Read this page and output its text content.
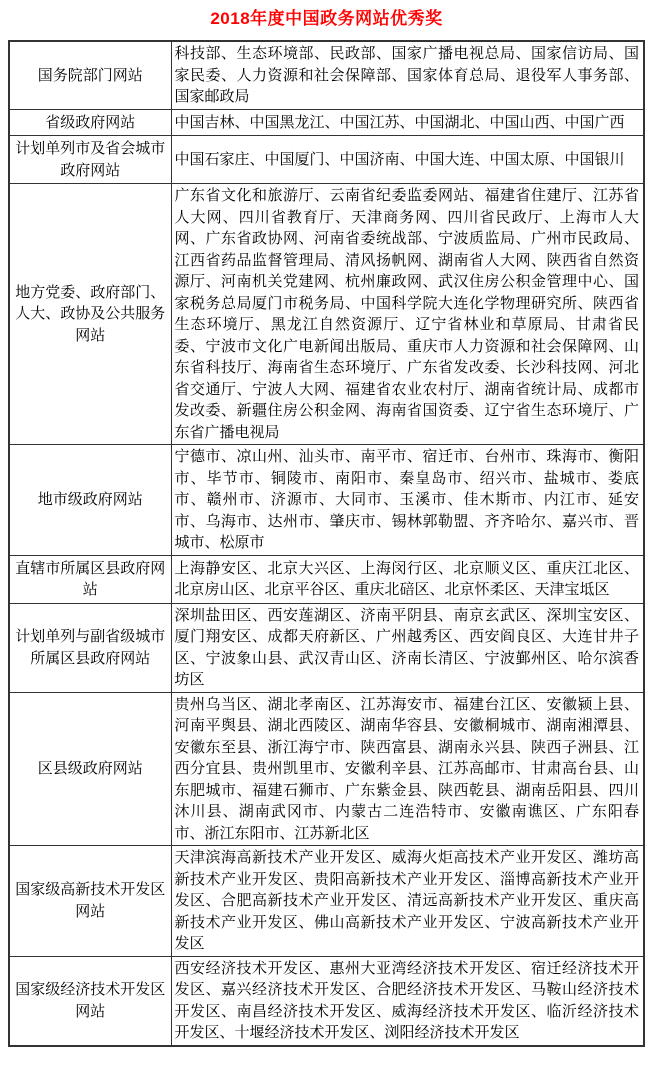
2018年度中国政务网站优秀奖
国务院部门网站	科技部、生态环境部、民政部、国家广播电视总局、国家信访局、国家民委、人力资源和社会保障部、国家体育总局、退役军人事务部、国家邮政局
省级政府网站	中国吉林、中国黑龙江、中国江苏、中国湖北、中国山西、中国广西
计划单列市及省会城市政府网站	中国石家庄、中国厦门、中国济南、中国大连、中国太原、中国银川
地方党委、政府部门、人大、政协及公共服务网站	广东省文化和旅游厅、云南省纪委监委网站、福建省住建厅、江苏省人大网、四川省教育厅、天津商务网、四川省民政厅、上海市人大网、广东省政协网、河南省委统战部、宁波质监局、广州市民政局、江西省药品监督管理局、清风扬帆网、湖南省人大网、陕西省自然资源厅、河南机关党建网、杭州廉政网、武汉住房公积金管理中心、国家税务总局厦门市税务局、中国科学院大连化学物理研究所、陕西省生态环境厅、黑龙江自然资源厅、辽宁省林业和草原局、甘肃省民委、宁波市文化广电新闻出版局、重庆市人力资源和社会保障网、山东省科技厅、海南省生态环境厅、广东省发改委、长沙科技网、河北省交通厅、宁波人大网、福建省农业农村厅、湖南省统计局、成都市发改委、新疆住房公积金网、海南省国资委、辽宁省生态环境厅、广东省广播电视局
地市级政府网站	宁德市、凉山州、汕头市、南平市、宿迁市、台州市、珠海市、衡阳市、毕节市、铜陵市、南阳市、秦皇岛市、绍兴市、盐城市、娄底市、赣州市、济源市、大同市、玉溪市、佳木斯市、内江市、延安市、乌海市、达州市、肇庆市、锡林郭勒盟、齐齐哈尔、嘉兴市、晋城市、松原市
直辖市所属区县政府网站	上海静安区、北京大兴区、上海闵行区、北京顺义区、重庆江北区、北京房山区、北京平谷区、重庆北碚区、北京怀柔区、天津宝坻区
计划单列与副省级城市所属区县政府网站	深圳盐田区、西安莲湖区、济南平阴县、南京玄武区、深圳宝安区、厦门翔安区、成都天府新区、广州越秀区、西安阎良区、大连甘井子区、宁波象山县、武汉青山区、济南长清区、宁波鄞州区、哈尔滨香坊区
区县级政府网站	贵州乌当区、湖北孝南区、江苏海安市、福建台江区、安徽颍上县、河南平舆县、湖北西陵区、湖南华容县、安徽桐城市、湖南湘潭县、安徽东至县、浙江海宁市、陕西富县、湖南永兴县、陕西子洲县、江西分宜县、贵州凯里市、安徽利辛县、江苏高邮市、甘肃高台县、山东肥城市、福建石狮市、广东紫金县、陕西乾县、湖南岳阳县、四川沐川县、湖南武冈市、内蒙古二连浩特市、安徽南谯区、广东阳春市、浙江东阳市、江苏新北区
国家级高新技术开发区网站	天津滨海高新技术产业开发区、威海火炬高技术产业开发区、潍坊高新技术产业开发区、贵阳高新技术产业开发区、淄博高新技术产业开发区、合肥高新技术产业开发区、清远高新技术产业开发区、重庆高新技术产业开发区、佛山高新技术产业开发区、宁波高新技术产业开发区
国家级经济技术开发区网站	西安经济技术开发区、惠州大亚湾经济技术开发区、宿迁经济技术开发区、嘉兴经济技术开发区、合肥经济技术开发区、马鞍山经济技术开发区、南昌经济技术开发区、威海经济技术开发区、临沂经济技术开发区、十堰经济技术开发区、浏阳经济技术开发区
